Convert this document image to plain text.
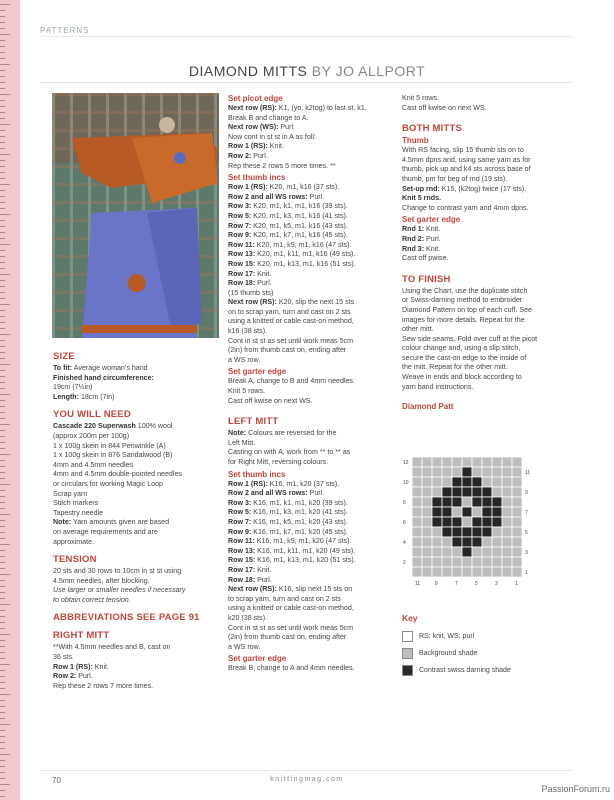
PATTERNS
DIAMOND MITTS BY JO ALLPORT
SIZE
To fit: Average woman’s hand
Finished hand circumference:
19cm (7½in)
Length: 18cm (7in)
YOU WILL NEED
Cascade 220 Superwash 100% wool
(approx 200m per 100g)
1 x 100g skein in 844 Periwinkle (A)
1 x 100g skein in 876 Sandalwood (B)
4mm and 4.5mm needles
4mm and 4.5mm double-pointed needles
or circulars for working Magic Loop
Scrap yarn
Stitch markers
Tapestry needle
Note: Yarn amounts given are based
on average requirements and are
approximate.
TENSION
20 sts and 30 rows to 10cm in st st using
4.5mm needles, after blocking.
Use larger or smaller needles if necessary
to obtain correct tension.
ABBREVIATIONS SEE PAGE 91
RIGHT MITT
**With 4.5mm needles and B, cast on
36 sts.
Row 1 (RS): Knit.
Row 2: Purl.
Rep these 2 rows 7 more times.
Set picot edge
Next row (RS): K1, (yo, k2tog) to last st, k1.
Break B and change to A.
Next row (WS): Purl.
Now cont in st st in A as foll:
Row 1 (RS): Knit.
Row 2: Purl.
Rep these 2 rows 5 more times. **
Set thumb incs
Row 1 (RS): K20, m1, k16 (37 sts).
Row 2 and all WS rows: Purl.
Row 3: K20, m1, k1, m1, k16 (39 sts).
Row 5: K20, m1, k3, m1, k16 (41 sts).
Row 7: K20, m1, k5, m1, k16 (43 sts).
Row 9: K20, m1, k7, m1, k16 (45 sts).
Row 11: K20, m1, k9, m1, k16 (47 sts).
Row 13: K20, m1, k11, m1, k16 (49 sts).
Row 15: K20, m1, k13, m1, k16 (51 sts).
Row 17: Knit.
Row 18: Purl.
(15 thumb sts)
Next row (RS): K20, slip the next 15 sts
on to scrap yarn, turn and cast on 2 sts
using a knitted or cable cast-on method,
k16 (38 sts).
Cont in st st as set until work meas 5cm
(2in) from thumb cast on, ending after
a WS row.
Set garter edge
Break A, change to B and 4mm needles.
Knit 5 rows.
Cast off kwise on next WS.
LEFT MITT
Note: Colours are reversed for the
Left Mitt.
Casting on with A, work from ** to ** as
for Right Mitt, reversing colours.
Set thumb incs
Row 1 (RS): K16, m1, k20 (37 sts).
Row 2 and all WS rows: Purl.
Row 3: K16, m1, k1, m1, k20 (39 sts).
Row 5: K16, m1, k3, m1, k20 (41 sts).
Row 7: K16, m1, k5, m1, k20 (43 sts).
Row 9: K16, m1, k7, m1, k20 (45 sts).
Row 11: K16, m1, k9, m1, k20 (47 sts).
Row 13: K16, m1, k11, m1, k20 (49 sts).
Row 15: K16, m1, k13, m1, k20 (51 sts).
Row 17: Knit.
Row 18: Purl.
Next row (RS): K16, slip next 15 sts on
to scrap yarn, turn and cast on 2 sts
using a knitted or cable cast-on method,
k20 (38 sts).
Cont in st st as set until work meas 5cm
(2in) from thumb cast on, ending after
a WS row.
Set garter edge
Break B, change to A and 4mm needles.
Knit 5 rows.
Cast off kwise on next WS.
BOTH MITTS
Thumb
With RS facing, slip 15 thumb sts on to
4.5mm dpns and, using same yarn as for
thumb, pick up and k4 sts across base of
thumb, pm for beg of rnd (19 sts).
Set-up rnd: K15, (k2tog) twice (17 sts).
Knit 5 rnds.
Change to contrast yarn and 4mm dpns.
Set garter edge
Rnd 1: Knit.
Rnd 2: Purl.
Rnd 3: Knit.
Cast off pwise.
TO FINISH
Using the Chart, use the duplicate stitch
or Swiss-darning method to embroider
Diamond Pattern on top of each cuff. See
images for more details. Repeat for the
other mitt.
Sew side seams. Fold over cuff at the picot
colour change and, using a slip stitch,
secure the cast-on edge to the inside of
the mitt. Repeat for the other mitt.
Weave in ends and block according to
yarn band instructions.
Diamond Patt
12
10
8
6
4
2
11
9
7
5
3
1
11	9	7	5	3	1
Key
RS: knit, WS: purl
Background shade
Contrast swiss darning shade
70	knittingmag.com
PassionForum.ru
